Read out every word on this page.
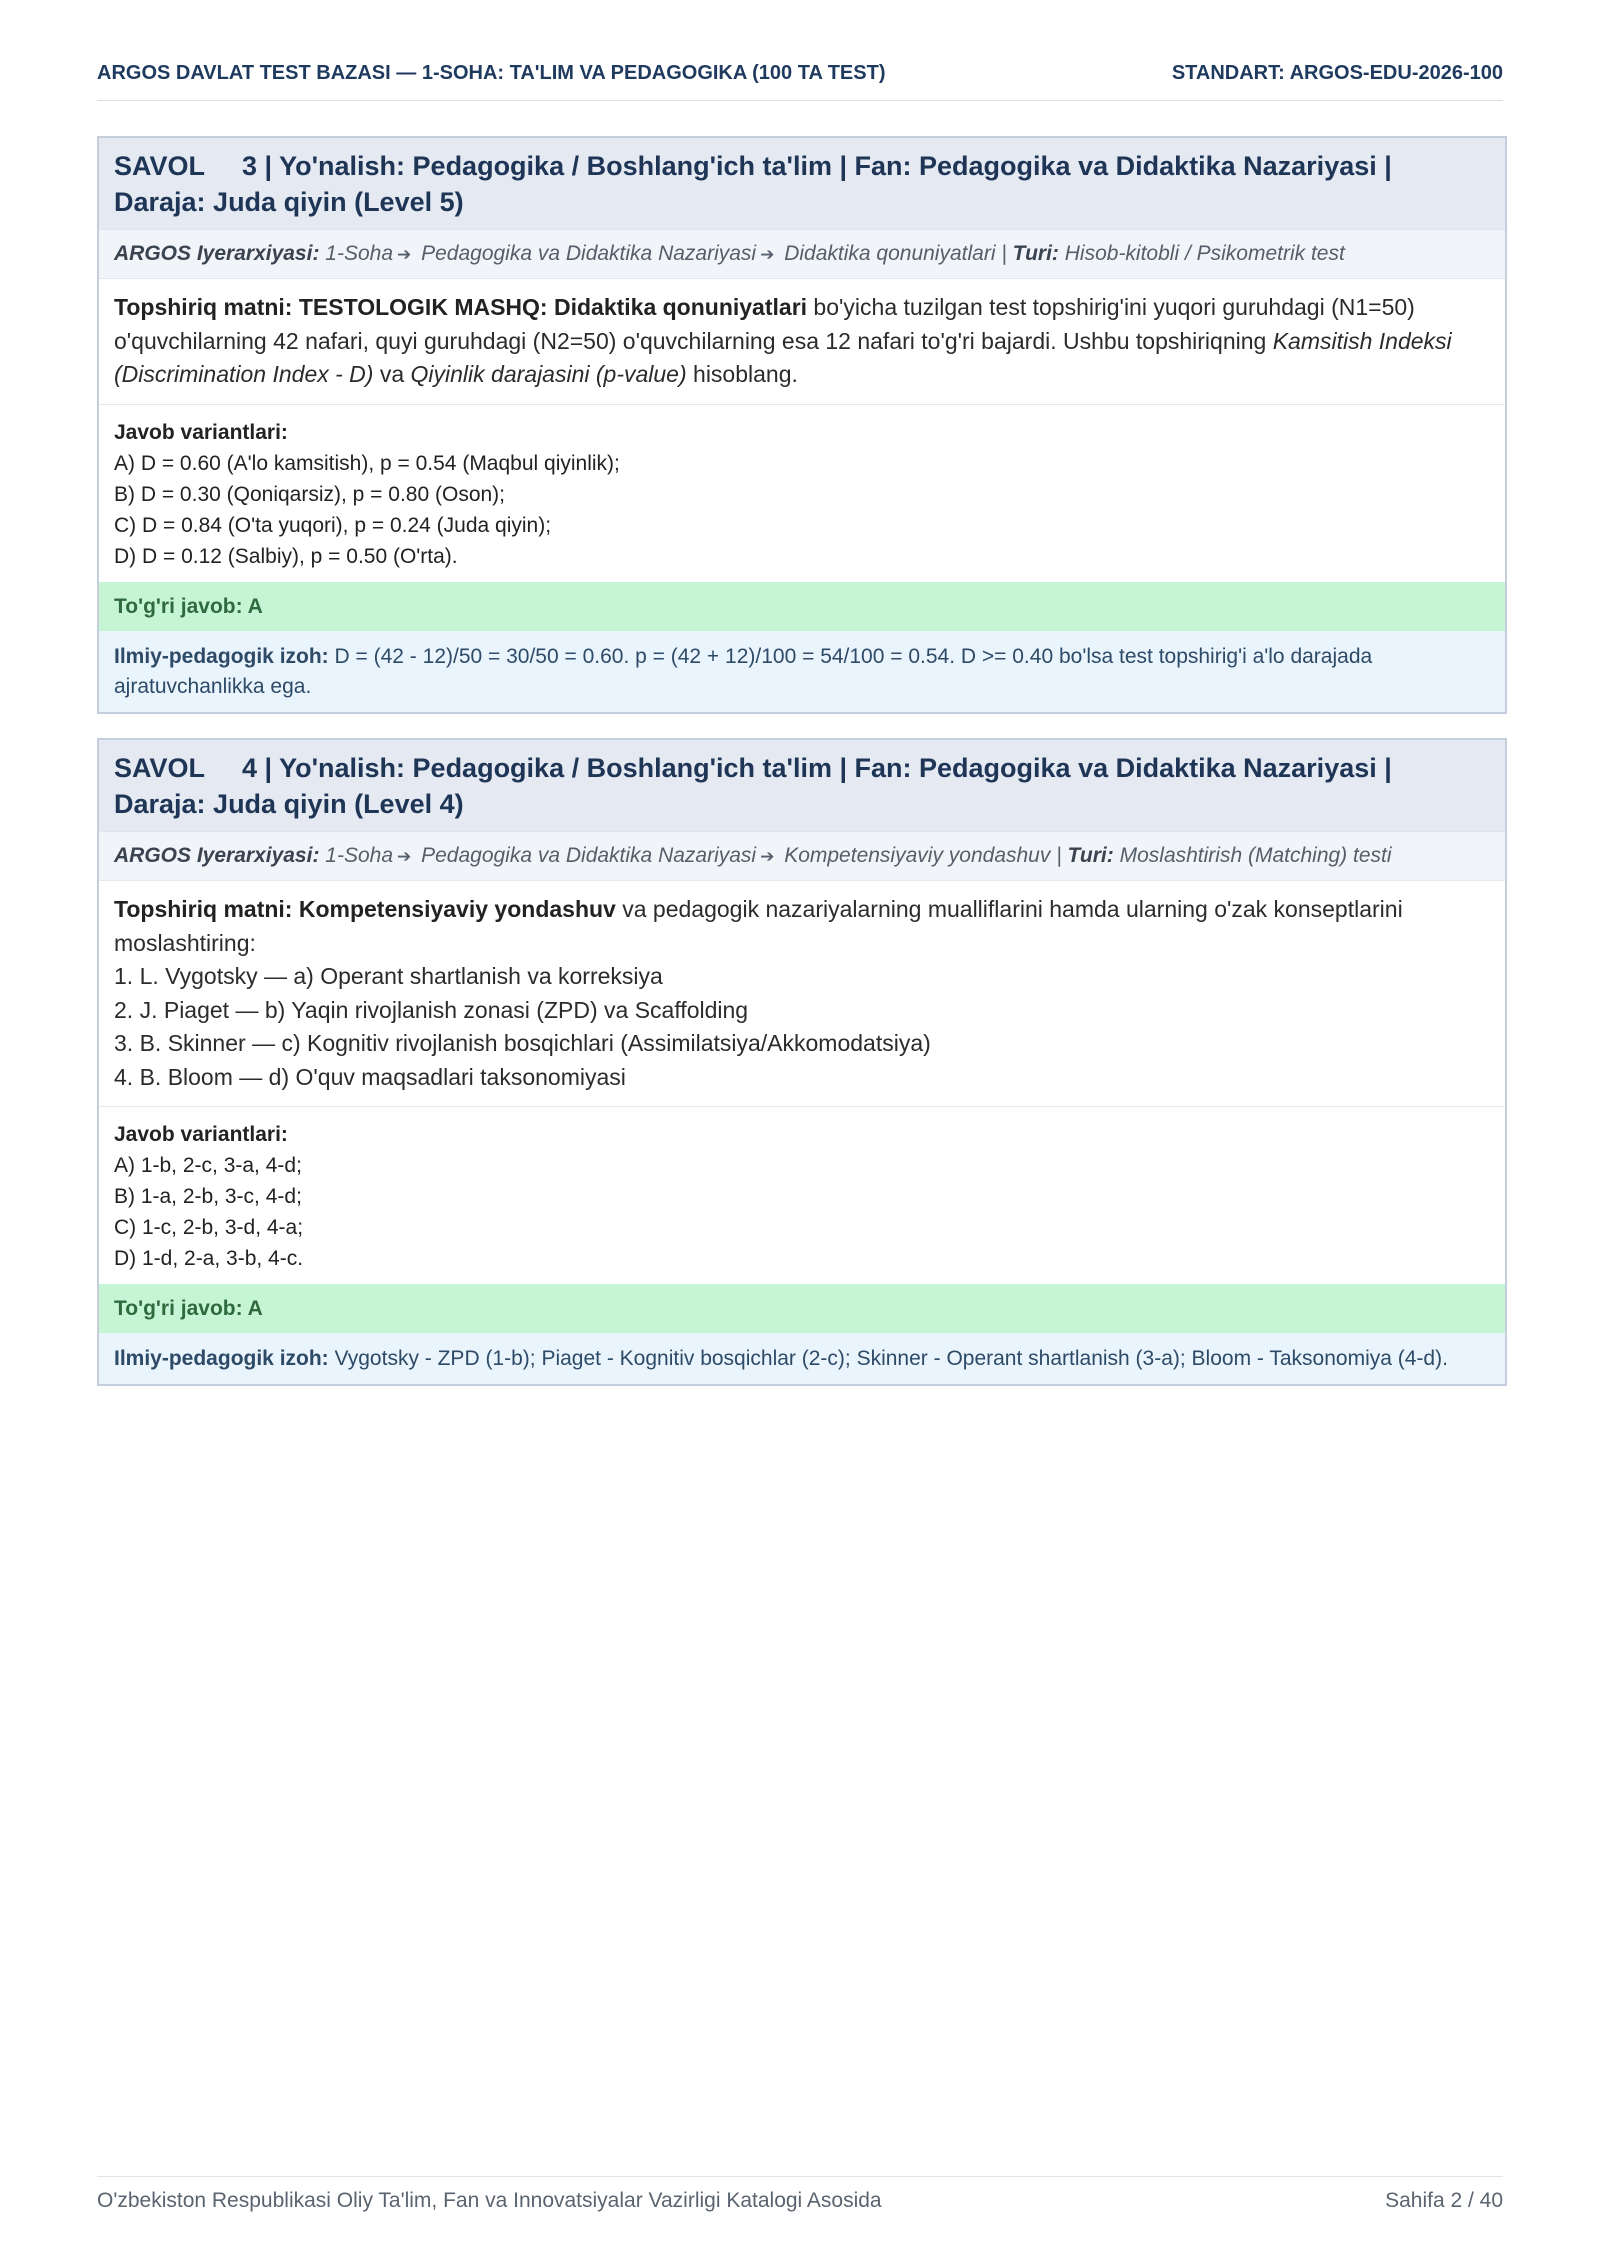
ARGOS DAVLAT TEST BAZASI — 1-SOHA: TA'LIM VA PEDAGOGIKA (100 TA TEST)	STANDART: ARGOS-EDU-2026-100
SAVOL     3 | Yo'nalish: Pedagogika / Boshlang'ich ta'lim | Fan: Pedagogika va Didaktika Nazariyasi | Daraja: Juda qiyin (Level 5)
ARGOS Iyerarxiyasi: 1-Soha ➔ Pedagogika va Didaktika Nazariyasi ➔ Didaktika qonuniyatlari | Turi: Hisob-kitobli / Psikometrik test
Topshiriq matni: TESTOLOGIK MASHQ: Didaktika qonuniyatlari bo'yicha tuzilgan test topshirig'ini yuqori guruhdagi (N1=50) o'quvchilarning 42 nafari, quyi guruhdagi (N2=50) o'quvchilarning esa 12 nafari to'g'ri bajardi. Ushbu topshiriqning Kamsitish Indeksi (Discrimination Index - D) va Qiyinlik darajasini (p-value) hisoblang.
Javob variantlari:
A) D = 0.60 (A'lo kamsitish), p = 0.54 (Maqbul qiyinlik);
B) D = 0.30 (Qoniqarsiz), p = 0.80 (Oson);
C) D = 0.84 (O'ta yuqori), p = 0.24 (Juda qiyin);
D) D = 0.12 (Salbiy), p = 0.50 (O'rta).
To'g'ri javob: A
Ilmiy-pedagogik izoh: D = (42 - 12)/50 = 30/50 = 0.60. p = (42 + 12)/100 = 54/100 = 0.54. D >= 0.40 bo'lsa test topshirig'i a'lo darajada ajratuvchanlikka ega.
SAVOL     4 | Yo'nalish: Pedagogika / Boshlang'ich ta'lim | Fan: Pedagogika va Didaktika Nazariyasi | Daraja: Juda qiyin (Level 4)
ARGOS Iyerarxiyasi: 1-Soha ➔ Pedagogika va Didaktika Nazariyasi ➔ Kompetensiyaviy yondashuv | Turi: Moslashtirish (Matching) testi
Topshiriq matni: Kompetensiyaviy yondashuv va pedagogik nazariyalarning mualliflarini hamda ularning o'zak konseptlarini moslashtiring:
1. L. Vygotsky — a) Operant shartlanish va korreksiya
2. J. Piaget — b) Yaqin rivojlanish zonasi (ZPD) va Scaffolding
3. B. Skinner — c) Kognitiv rivojlanish bosqichlari (Assimilatsiya/Akkomodatsiya)
4. B. Bloom — d) O'quv maqsadlari taksonomiyasi
Javob variantlari:
A) 1-b, 2-c, 3-a, 4-d;
B) 1-a, 2-b, 3-c, 4-d;
C) 1-c, 2-b, 3-d, 4-a;
D) 1-d, 2-a, 3-b, 4-c.
To'g'ri javob: A
Ilmiy-pedagogik izoh: Vygotsky - ZPD (1-b); Piaget - Kognitiv bosqichlar (2-c); Skinner - Operant shartlanish (3-a); Bloom - Taksonomiya (4-d).
O'zbekiston Respublikasi Oliy Ta'lim, Fan va Innovatsiyalar Vazirligi Katalogi Asosida	Sahifa 2 / 40
